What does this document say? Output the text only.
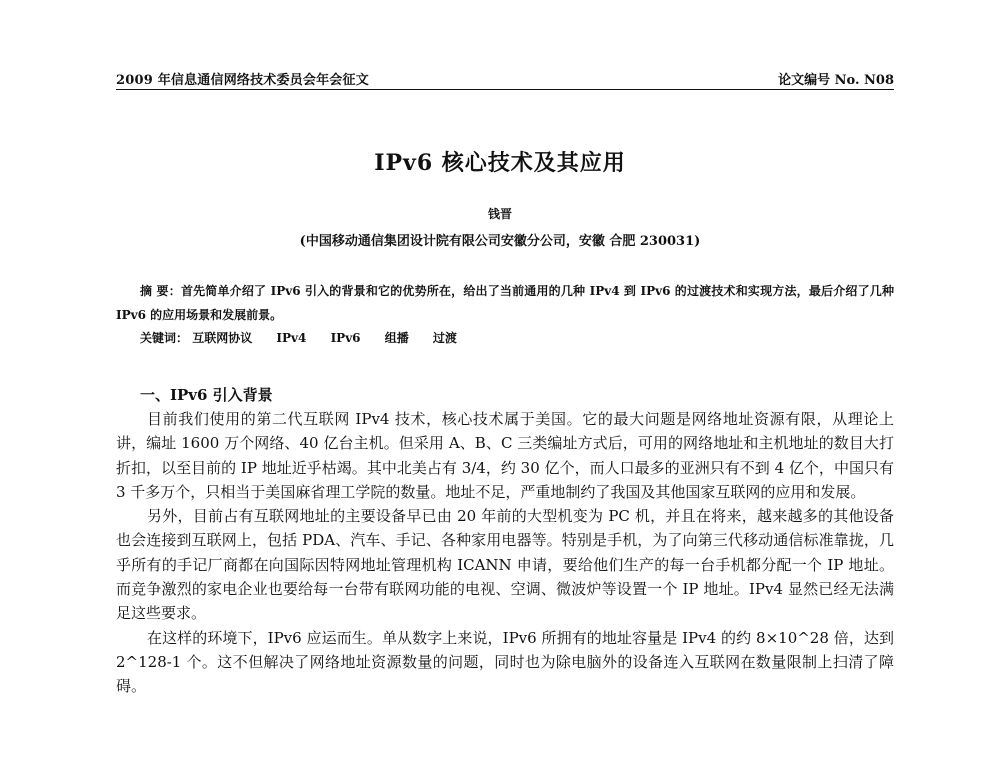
2009 年信息通信网络技术委员会年会征文	论文编号 No. N08
IPv6 核心技术及其应用
钱晋
(中国移动通信集团设计院有限公司安徽分公司，安徽 合肥 230031)

摘 要：首先简单介绍了 IPv6 引入的背景和它的优势所在，给出了当前通用的几种 IPv4 到 IPv6 的过渡技术和实现方法，最后介绍了几种 IPv6 的应用场景和发展前景。

关键词： 互联网协议 IPv4 IPv6 组播 过渡
一、IPv6 引入背景

目前我们使用的第二代互联网 IPv4 技术，核心技术属于美国。它的最大问题是网络地址资源有限，从理论上讲，编址 1600 万个网络、40 亿台主机。但采用 A、B、C 三类编址方式后，可用的网络地址和主机地址的数目大打折扣，以至目前的 IP 地址近乎枯竭。其中北美占有 3/4，约 30 亿个，而人口最多的亚洲只有不到 4 亿个，中国只有 3 千多万个，只相当于美国麻省理工学院的数量。地址不足，严重地制约了我国及其他国家互联网的应用和发展。

另外，目前占有互联网地址的主要设备早已由 20 年前的大型机变为 PC 机，并且在将来，越来越多的其他设备也会连接到互联网上，包括 PDA、汽车、手记、各种家用电器等。特别是手机，为了向第三代移动通信标准靠拢，几乎所有的手记厂商都在向国际因特网地址管理机构 ICANN 申请，要给他们生产的每一台手机都分配一个 IP 地址。而竞争激烈的家电企业也要给每一台带有联网功能的电视、空调、微波炉等设置一个 IP 地址。IPv4 显然已经无法满足这些要求。

在这样的环境下，IPv6 应运而生。单从数字上来说，IPv6 所拥有的地址容量是 IPv4 的约 8×10^28 倍，达到 2^128-1 个。这不但解决了网络地址资源数量的问题，同时也为除电脑外的设备连入互联网在数量限制上扫清了障碍。
